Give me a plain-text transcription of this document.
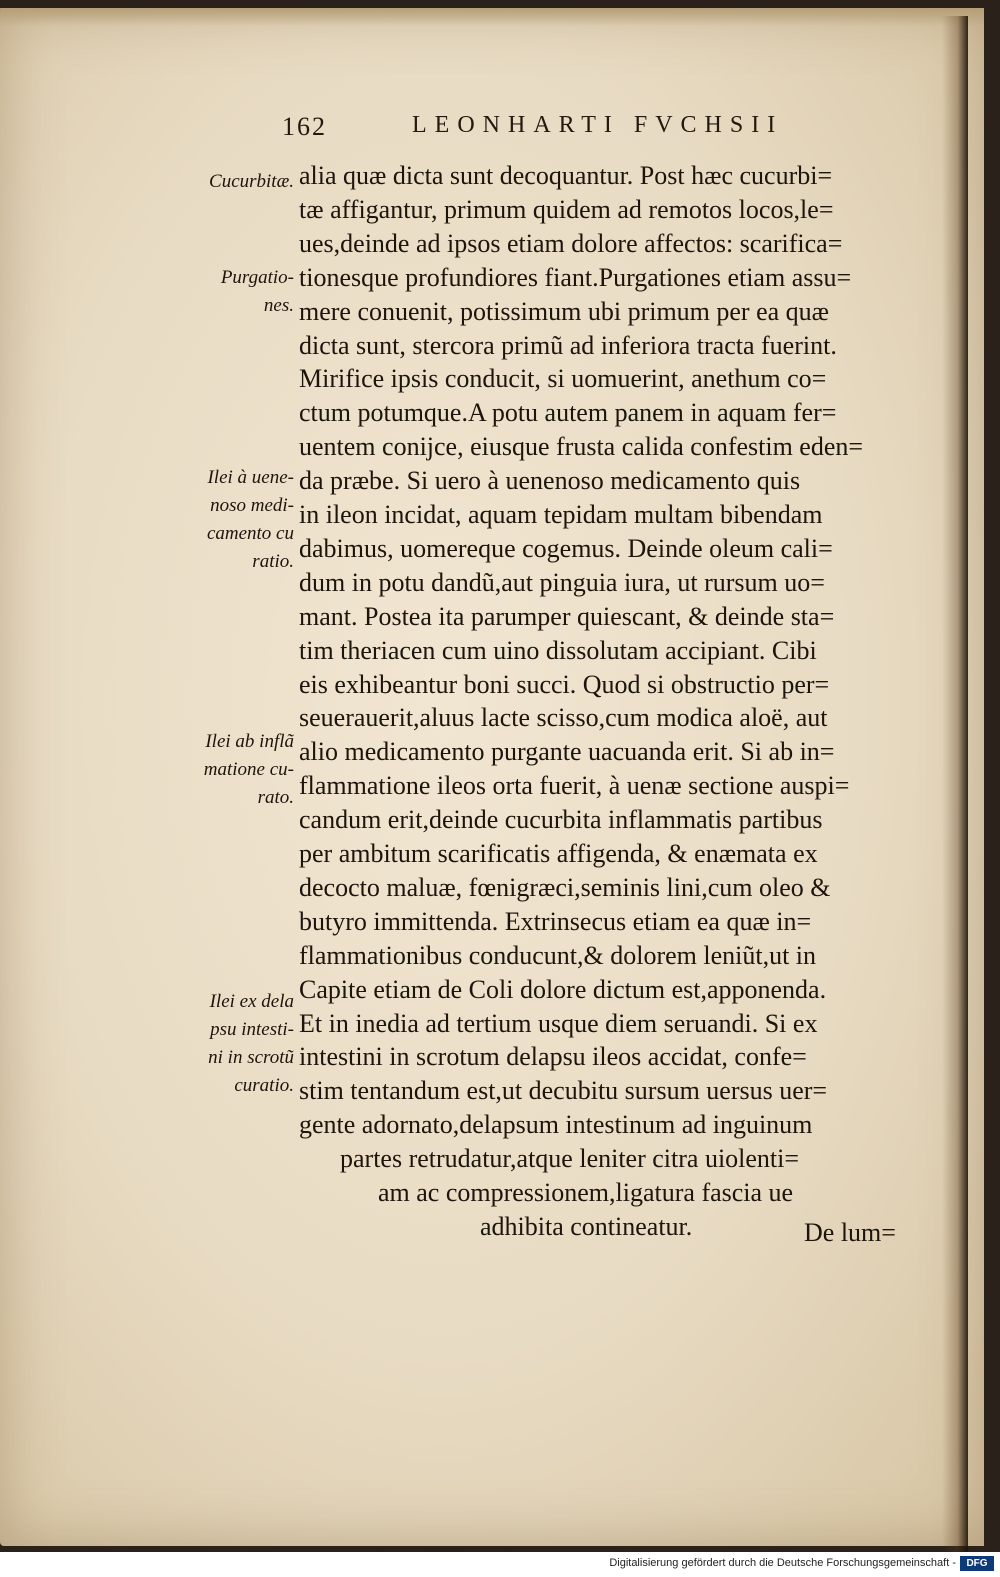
162	LEONHARTI FVCHSII
alia quæ dicta sunt decoquantur. Post hæc cucurbi=
tæ affigantur, primum quidem ad remotos locos,le=
ues,deinde ad ipsos etiam dolore affectos: scarifica=
tionesque profundiores fiant.Purgationes etiam assu=
mere conuenit, potissimum ubi primum per ea quæ
dicta sunt, stercora primũ ad inferiora tracta fuerint.
Mirifice ipsis conducit, si uomuerint, anethum co=
ctum potumque.A potu autem panem in aquam fer=
uentem conijce, eiusque frusta calida confestim eden=
da præbe. Si uero à uenenoso medicamento quis
in ileon incidat, aquam tepidam multam bibendam
dabimus, uomereque cogemus. Deinde oleum cali=
dum in potu dandũ,aut pinguia iura, ut rursum uo=
mant. Postea ita parumper quiescant, & deinde sta=
tim theriacen cum uino dissolutam accipiant. Cibi
eis exhibeantur boni succi. Quod si obstructio per=
seuerauerit,aluus lacte scisso,cum modica aloë, aut
alio medicamento purgante uacuanda erit. Si ab in=
flammatione ileos orta fuerit, à uenæ sectione auspi=
candum erit,deinde cucurbita inflammatis partibus
per ambitum scarificatis affigenda, & enæmata ex
decocto maluæ, fœnigræci,seminis lini,cum oleo &
butyro immittenda. Extrinsecus etiam ea quæ in=
flammationibus conducunt,& dolorem leniũt,ut in
Capite etiam de Coli dolore dictum est,apponenda.
Et in inedia ad tertium usque diem seruandi. Si ex
intestini in scrotum delapsu ileos accidat, confe=
stim tentandum est,ut decubitu sursum uersus uer=
gente adornato,delapsum intestinum ad inguinum
partes retrudatur,atque leniter citra uiolenti=
am ac compressionem,ligatura fascia ue
adhibita contineatur.
Cucurbitæ.
Purgatio-
nes.
Ilei à uene-
noso medi-
camento cu
ratio.
Ilei ab inflã
matione cu-
rato.
Ilei ex dela
psu intesti-
ni in scrotũ
curatio.
De lum=
Digitalisierung gefördert durch die Deutsche Forschungsgemeinschaft -	DFG
